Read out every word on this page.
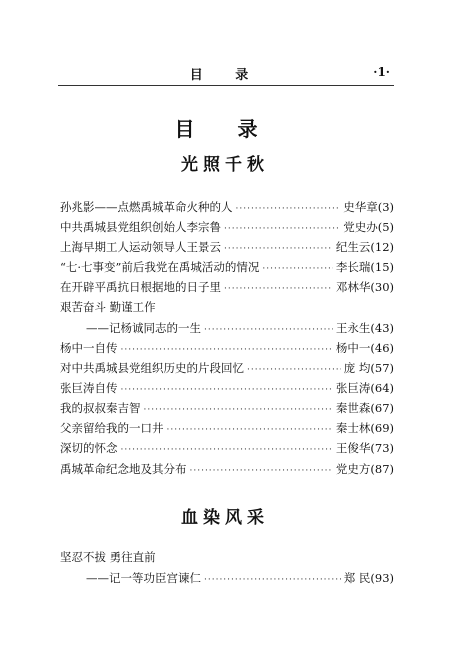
目 录	·1·
目 录
光照千秋
孙兆影——点燃禹城革命火种的人 ·····	史华章(3)
中共禹城县党组织创始人李宗鲁 ·····	党史办(5)
上海早期工人运动领导人王景云 ·····	纪生云(12)
“七·七事变”前后我党在禹城活动的情况 ·····	李长瑞(15)
在开辟平禹抗日根据地的日子里 ·····	邓林华(30)
艰苦奋斗 勤谨工作
——记杨诚同志的一生 ·····	王永生(43)
杨中一自传 ·····	杨中一(46)
对中共禹城县党组织历史的片段回忆 ·····	庞 均(57)
张巨涛自传 ·····	张巨涛(64)
我的叔叔秦吉智 ·····	秦世森(67)
父亲留给我的一口井 ·····	秦士林(69)
深切的怀念 ·····	王俊华(73)
禹城革命纪念地及其分布 ·····	党史方(87)
血染风采
坚忍不拔 勇往直前
——记一等功臣宫谏仁 ·····	郑 民(93)
